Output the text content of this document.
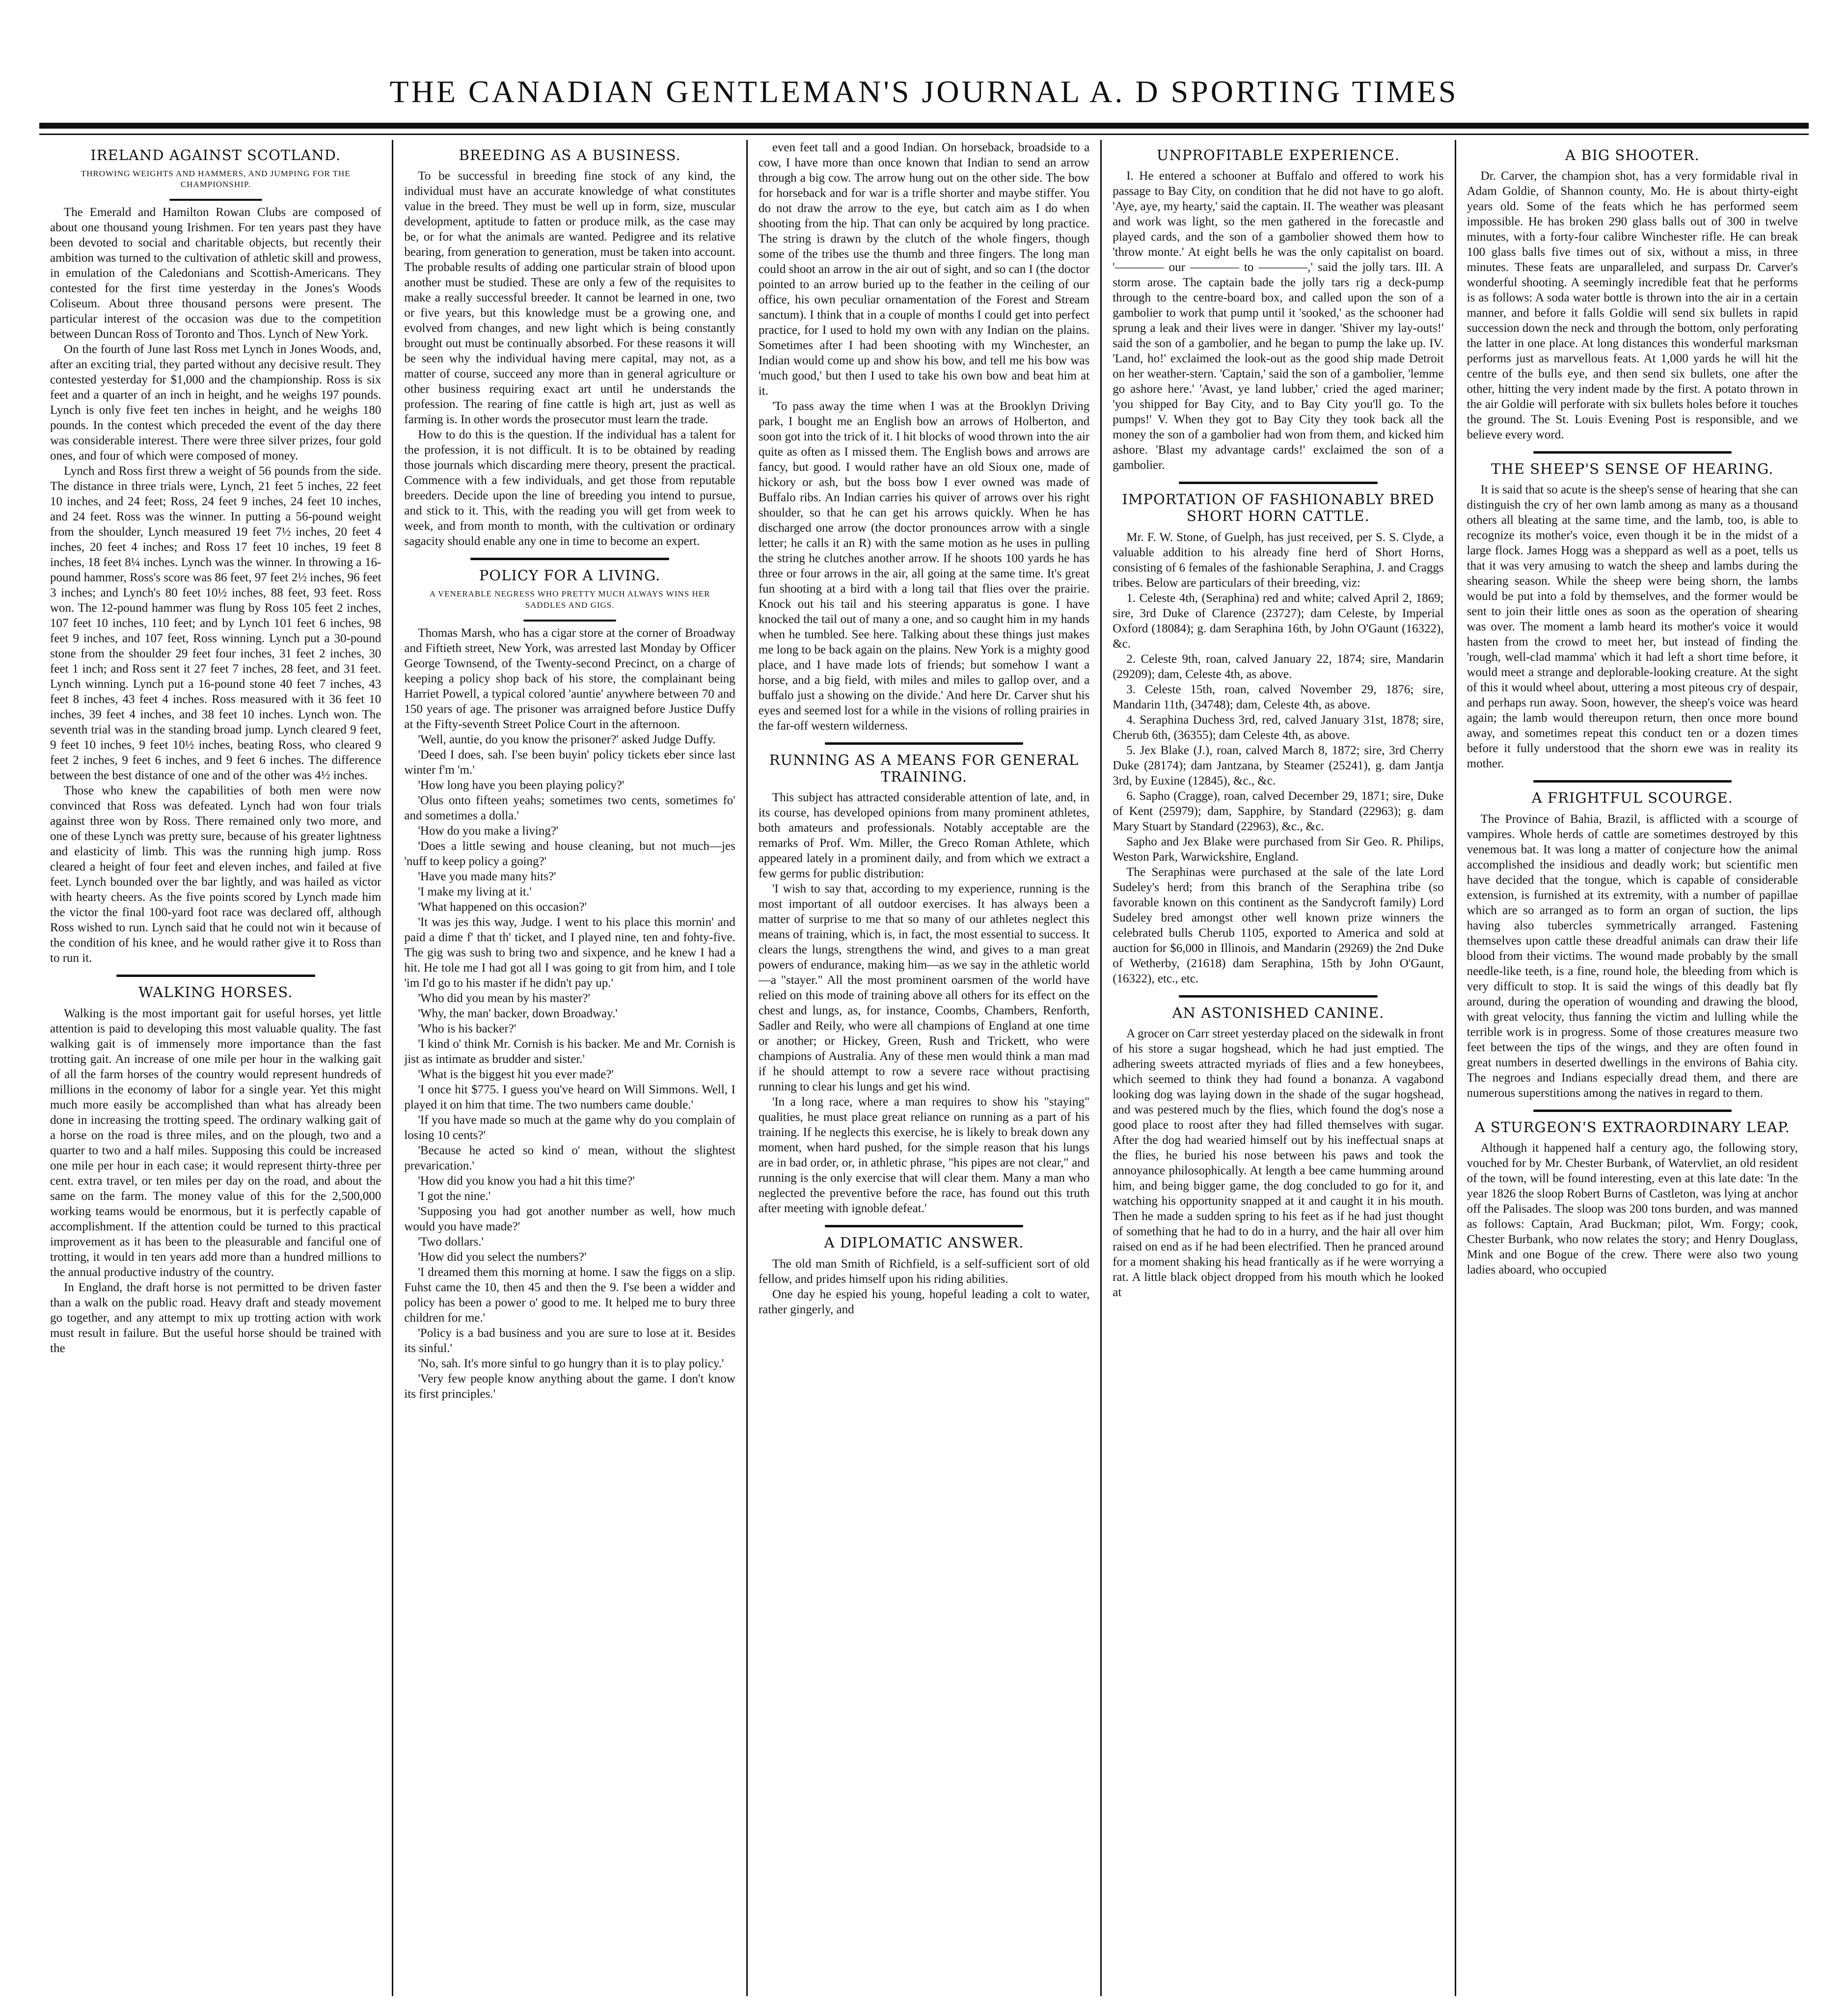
THE CANADIAN GENTLEMAN'S JOURNAL A. D SPORTING TIMES
IRELAND AGAINST SCOTLAND.
THROWING WEIGHTS AND HAMMERS, AND JUMPING FOR THE CHAMPIONSHIP.

The Emerald and Hamilton Rowan Clubs are composed of about one thousand young Irishmen. For ten years past they have been devoted to social and charitable objects, but recently their ambition was turned to the cultivation of athletic skill and prowess, in emulation of the Caledonians and Scottish-Americans. They contested for the first time yesterday in the Jones's Woods Coliseum. About three thousand persons were present. The particular interest of the occasion was due to the competition between Duncan Ross of Toronto and Thos. Lynch of New York.

On the fourth of June last Ross met Lynch in Jones Woods, and, after an exciting trial, they parted without any decisive result. They contested yesterday for $1,000 and the championship. Ross is six feet and a quarter of an inch in height, and he weighs 197 pounds. Lynch is only five feet ten inches in height, and he weighs 180 pounds. In the contest which preceded the event of the day there was considerable interest. There were three silver prizes, four gold ones, and four of which were composed of money.

Lynch and Ross first threw a weight of 56 pounds from the side. The distance in three trials were, Lynch, 21 feet 5 inches, 22 feet 10 inches, and 24 feet; Ross, 24 feet 9 inches, 24 feet 10 inches, and 24 feet. Ross was the winner. In putting a 56-pound weight from the shoulder, Lynch measured 19 feet 7½ inches, 20 feet 4 inches, 20 feet 4 inches; and Ross 17 feet 10 inches, 19 feet 8 inches, 18 feet 8¼ inches. Lynch was the winner. In throwing a 16-pound hammer, Ross's score was 86 feet, 97 feet 2½ inches, 96 feet 3 inches; and Lynch's 80 feet 10½ inches, 88 feet, 93 feet. Ross won. The 12-pound hammer was flung by Ross 105 feet 2 inches, 107 feet 10 inches, 110 feet; and by Lynch 101 feet 6 inches, 98 feet 9 inches, and 107 feet, Ross winning. Lynch put a 30-pound stone from the shoulder 29 feet four inches, 31 feet 2 inches, 30 feet 1 inch; and Ross sent it 27 feet 7 inches, 28 feet, and 31 feet. Lynch winning. Lynch put a 16-pound stone 40 feet 7 inches, 43 feet 8 inches, 43 feet 4 inches. Ross measured with it 36 feet 10 inches, 39 feet 4 inches, and 38 feet 10 inches. Lynch won. The seventh trial was in the standing broad jump. Lynch cleared 9 feet, 9 feet 10 inches, 9 feet 10½ inches, beating Ross, who cleared 9 feet 2 inches, 9 feet 6 inches, and 9 feet 6 inches. The difference between the best distance of one and of the other was 4½ inches.

Those who knew the capabilities of both men were now convinced that Ross was defeated. Lynch had won four trials against three won by Ross. There remained only two more, and one of these Lynch was pretty sure, because of his greater lightness and elasticity of limb. This was the running high jump. Ross cleared a height of four feet and eleven inches, and failed at five feet. Lynch bounded over the bar lightly, and was hailed as victor with hearty cheers. As the five points scored by Lynch made him the victor the final 100-yard foot race was declared off, although Ross wished to run. Lynch said that he could not win it because of the condition of his knee, and he would rather give it to Ross than to run it.

WALKING HORSES.

Walking is the most important gait for useful horses, yet little attention is paid to developing this most valuable quality. The fast walking gait is of immensely more importance than the fast trotting gait. An increase of one mile per hour in the walking gait of all the farm horses of the country would represent hundreds of millions in the economy of labor for a single year. Yet this might much more easily be accomplished than what has already been done in increasing the trotting speed. The ordinary walking gait of a horse on the road is three miles, and on the plough, two and a quarter to two and a half miles. Supposing this could be increased one mile per hour in each case; it would represent thirty-three per cent. extra travel, or ten miles per day on the road, and about the same on the farm. The money value of this for the 2,500,000 working teams would be enormous, but it is perfectly capable of accomplishment. If the attention could be turned to this practical improvement as it has been to the pleasurable and fanciful one of trotting, it would in ten years add more than a hundred millions to the annual productive industry of the country.

In England, the draft horse is not permitted to be driven faster than a walk on the public road. Heavy draft and steady movement go together, and any attempt to mix up trotting action with work must result in failure. But the useful horse should be trained with the

BREEDING AS A BUSINESS.

To be successful in breeding fine stock of any kind, the individual must have an accurate knowledge of what constitutes value in the breed. They must be well up in form, size, muscular development, aptitude to fatten or produce milk, as the case may be, or for what the animals are wanted. Pedigree and its relative bearing, from generation to generation, must be taken into account. The probable results of adding one particular strain of blood upon another must be studied. These are only a few of the requisites to make a really successful breeder. It cannot be learned in one, two or five years, but this knowledge must be a growing one, and evolved from changes, and new light which is being constantly brought out must be continually absorbed. For these reasons it will be seen why the individual having mere capital, may not, as a matter of course, succeed any more than in general agriculture or other business requiring exact art until he understands the profession. The rearing of fine cattle is high art, just as well as farming is. In other words the prosecutor must learn the trade.

How to do this is the question. If the individual has a talent for the profession, it is not difficult. It is to be obtained by reading those journals which discarding mere theory, present the practical. Commence with a few individuals, and get those from reputable breeders. Decide upon the line of breeding you intend to pursue, and stick to it. This, with the reading you will get from week to week, and from month to month, with the cultivation or ordinary sagacity should enable any one in time to become an expert.

POLICY FOR A LIVING.
A VENERABLE NEGRESS WHO PRETTY MUCH ALWAYS WINS HER SADDLES AND GIGS.

Thomas Marsh, who has a cigar store at the corner of Broadway and Fiftieth street, New York, was arrested last Monday by Officer George Townsend, of the Twenty-second Precinct, on a charge of keeping a policy shop back of his store, the complainant being Harriet Powell, a typical colored 'auntie' anywhere between 70 and 150 years of age. The prisoner was arraigned before Justice Duffy at the Fifty-seventh Street Police Court in the afternoon.

'Well, auntie, do you know the prisoner?' asked Judge Duffy.

'Deed I does, sah. I'se been buyin' policy tickets eber since last winter f'm 'm.'

'How long have you been playing policy?'

'Olus onto fifteen yeahs; sometimes two cents, sometimes fo' and sometimes a dolla.'

'How do you make a living?'

'Does a little sewing and house cleaning, but not much—jes 'nuff to keep policy a going?'

'Have you made many hits?'

'I make my living at it.'

'What happened on this occasion?'

'It was jes this way, Judge. I went to his place this mornin' and paid a dime f' that th' ticket, and I played nine, ten and fohty-five. The gig was sush to bring two and sixpence, and he knew I had a hit. He tole me I had got all I was going to git from him, and I tole 'im I'd go to his master if he didn't pay up.'

'Who did you mean by his master?'

'Why, the man' backer, down Broadway.'

'Who is his backer?'

'I kind o' think Mr. Cornish is his backer. Me and Mr. Cornish is jist as intimate as brudder and sister.'

'What is the biggest hit you ever made?'

'I once hit $775. I guess you've heard on Will Simmons. Well, I played it on him that time. The two numbers came double.'

'If you have made so much at the game why do you complain of losing 10 cents?'

'Because he acted so kind o' mean, without the slightest prevarication.'

'How did you know you had a hit this time?'

'I got the nine.'

'Supposing you had got another number as well, how much would you have made?'

'Two dollars.'

'How did you select the numbers?'

'I dreamed them this morning at home. I saw the figgs on a slip. Fuhst came the 10, then 45 and then the 9. I'se been a widder and policy has been a power o' good to me. It helped me to bury three children for me.'

'Policy is a bad business and you are sure to lose at it. Besides its sinful.'

'No, sah. It's more sinful to go hungry than it is to play policy.'

'Very few people know anything about the game. I don't know its first principles.'

even feet tall and a good Indian. On horseback, broadside to a cow, I have more than once known that Indian to send an arrow through a big cow. The arrow hung out on the other side. The bow for horseback and for war is a trifle shorter and maybe stiffer. You do not draw the arrow to the eye, but catch aim as I do when shooting from the hip. That can only be acquired by long practice. The string is drawn by the clutch of the whole fingers, though some of the tribes use the thumb and three fingers. The long man could shoot an arrow in the air out of sight, and so can I (the doctor pointed to an arrow buried up to the feather in the ceiling of our office, his own peculiar ornamentation of the Forest and Stream sanctum). I think that in a couple of months I could get into perfect practice, for I used to hold my own with any Indian on the plains. Sometimes after I had been shooting with my Winchester, an Indian would come up and show his bow, and tell me his bow was 'much good,' but then I used to take his own bow and beat him at it.

'To pass away the time when I was at the Brooklyn Driving park, I bought me an English bow an arrows of Holberton, and soon got into the trick of it. I hit blocks of wood thrown into the air quite as often as I missed them. The English bows and arrows are fancy, but good. I would rather have an old Sioux one, made of hickory or ash, but the boss bow I ever owned was made of Buffalo ribs. An Indian carries his quiver of arrows over his right shoulder, so that he can get his arrows quickly. When he has discharged one arrow (the doctor pronounces arrow with a single letter; he calls it an R) with the same motion as he uses in pulling the string he clutches another arrow. If he shoots 100 yards he has three or four arrows in the air, all going at the same time. It's great fun shooting at a bird with a long tail that flies over the prairie. Knock out his tail and his steering apparatus is gone. I have knocked the tail out of many a one, and so caught him in my hands when he tumbled. See here. Talking about these things just makes me long to be back again on the plains. New York is a mighty good place, and I have made lots of friends; but somehow I want a horse, and a big field, with miles and miles to gallop over, and a buffalo just a showing on the divide.' And here Dr. Carver shut his eyes and seemed lost for a while in the visions of rolling prairies in the far-off western wilderness.

RUNNING AS A MEANS FOR GENERAL TRAINING.

This subject has attracted considerable attention of late, and, in its course, has developed opinions from many prominent athletes, both amateurs and professionals. Notably acceptable are the remarks of Prof. Wm. Miller, the Greco Roman Athlete, which appeared lately in a prominent daily, and from which we extract a few germs for public distribution:

'I wish to say that, according to my experience, running is the most important of all outdoor exercises. It has always been a matter of surprise to me that so many of our athletes neglect this means of training, which is, in fact, the most essential to success. It clears the lungs, strengthens the wind, and gives to a man great powers of endurance, making him—as we say in the athletic world—a "stayer." All the most prominent oarsmen of the world have relied on this mode of training above all others for its effect on the chest and lungs, as, for instance, Coombs, Chambers, Renforth, Sadler and Reily, who were all champions of England at one time or another; or Hickey, Green, Rush and Trickett, who were champions of Australia. Any of these men would think a man mad if he should attempt to row a severe race without practising running to clear his lungs and get his wind.

'In a long race, where a man requires to show his "staying" qualities, he must place great reliance on running as a part of his training. If he neglects this exercise, he is likely to break down any moment, when hard pushed, for the simple reason that his lungs are in bad order, or, in athletic phrase, "his pipes are not clear," and running is the only exercise that will clear them. Many a man who neglected the preventive before the race, has found out this truth after meeting with ignoble defeat.'

A DIPLOMATIC ANSWER.

The old man Smith of Richfield, is a self-sufficient sort of old fellow, and prides himself upon his riding abilities.

One day he espied his young, hopeful leading a colt to water, rather gingerly, and

UNPROFITABLE EXPERIENCE.

I. He entered a schooner at Buffalo and offered to work his passage to Bay City, on condition that he did not have to go aloft. 'Aye, aye, my hearty,' said the captain. II. The weather was pleasant and work was light, so the men gathered in the forecastle and played cards, and the son of a gambolier showed them how to 'throw monte.' At eight bells he was the only capitalist on board. '———— our ———— to ————,' said the jolly tars. III. A storm arose. The captain bade the jolly tars rig a deck-pump through to the centre-board box, and called upon the son of a gambolier to work that pump until it 'sooked,' as the schooner had sprung a leak and their lives were in danger. 'Shiver my lay-outs!' said the son of a gambolier, and he began to pump the lake up. IV. 'Land, ho!' exclaimed the look-out as the good ship made Detroit on her weather-stern. 'Captain,' said the son of a gambolier, 'lemme go ashore here.' 'Avast, ye land lubber,' cried the aged mariner; 'you shipped for Bay City, and to Bay City you'll go. To the pumps!' V. When they got to Bay City they took back all the money the son of a gambolier had won from them, and kicked him ashore. 'Blast my advantage cards!' exclaimed the son of a gambolier.

IMPORTATION OF FASHIONABLY BRED SHORT HORN CATTLE.

Mr. F. W. Stone, of Guelph, has just received, per S. S. Clyde, a valuable addition to his already fine herd of Short Horns, consisting of 6 females of the fashionable Seraphina, J. and Craggs tribes. Below are particulars of their breeding, viz:

1. Celeste 4th, (Seraphina) red and white; calved April 2, 1869; sire, 3rd Duke of Clarence (23727); dam Celeste, by Imperial Oxford (18084); g. dam Seraphina 16th, by John O'Gaunt (16322), &c.

2. Celeste 9th, roan, calved January 22, 1874; sire, Mandarin (29209); dam, Celeste 4th, as above.

3. Celeste 15th, roan, calved November 29, 1876; sire, Mandarin 11th, (34748); dam, Celeste 4th, as above.

4. Seraphina Duchess 3rd, red, calved January 31st, 1878; sire, Cherub 6th, (36355); dam Celeste 4th, as above.

5. Jex Blake (J.), roan, calved March 8, 1872; sire, 3rd Cherry Duke (28174); dam Jantzana, by Steamer (25241), g. dam Jantja 3rd, by Euxine (12845), &c., &c.

6. Sapho (Cragge), roan, calved December 29, 1871; sire, Duke of Kent (25979); dam, Sapphire, by Standard (22963); g. dam Mary Stuart by Standard (22963), &c., &c.

Sapho and Jex Blake were purchased from Sir Geo. R. Philips, Weston Park, Warwickshire, England.

The Seraphinas were purchased at the sale of the late Lord Sudeley's herd; from this branch of the Seraphina tribe (so favorable known on this continent as the Sandycroft family) Lord Sudeley bred amongst other well known prize winners the celebrated bulls Cherub 1105, exported to America and sold at auction for $6,000 in Illinois, and Mandarin (29269) the 2nd Duke of Wetherby, (21618) dam Seraphina, 15th by John O'Gaunt, (16322), etc., etc.

AN ASTONISHED CANINE.

A grocer on Carr street yesterday placed on the sidewalk in front of his store a sugar hogshead, which he had just emptied. The adhering sweets attracted myriads of flies and a few honeybees, which seemed to think they had found a bonanza. A vagabond looking dog was laying down in the shade of the sugar hogshead, and was pestered much by the flies, which found the dog's nose a good place to roost after they had filled themselves with sugar. After the dog had wearied himself out by his ineffectual snaps at the flies, he buried his nose between his paws and took the annoyance philosophically. At length a bee came humming around him, and being bigger game, the dog concluded to go for it, and watching his opportunity snapped at it and caught it in his mouth. Then he made a sudden spring to his feet as if he had just thought of something that he had to do in a hurry, and the hair all over him raised on end as if he had been electrified. Then he pranced around for a moment shaking his head frantically as if he were worrying a rat. A little black object dropped from his mouth which he looked at

A BIG SHOOTER.

Dr. Carver, the champion shot, has a very formidable rival in Adam Goldie, of Shannon county, Mo. He is about thirty-eight years old. Some of the feats which he has performed seem impossible. He has broken 290 glass balls out of 300 in twelve minutes, with a forty-four calibre Winchester rifle. He can break 100 glass balls five times out of six, without a miss, in three minutes. These feats are unparalleled, and surpass Dr. Carver's wonderful shooting. A seemingly incredible feat that he performs is as follows: A soda water bottle is thrown into the air in a certain manner, and before it falls Goldie will send six bullets in rapid succession down the neck and through the bottom, only perforating the latter in one place. At long distances this wonderful marksman performs just as marvellous feats. At 1,000 yards he will hit the centre of the bulls eye, and then send six bullets, one after the other, hitting the very indent made by the first. A potato thrown in the air Goldie will perforate with six bullets holes before it touches the ground. The St. Louis Evening Post is responsible, and we believe every word.

THE SHEEP'S SENSE OF HEARING.

It is said that so acute is the sheep's sense of hearing that she can distinguish the cry of her own lamb among as many as a thousand others all bleating at the same time, and the lamb, too, is able to recognize its mother's voice, even though it be in the midst of a large flock. James Hogg was a sheppard as well as a poet, tells us that it was very amusing to watch the sheep and lambs during the shearing season. While the sheep were being shorn, the lambs would be put into a fold by themselves, and the former would be sent to join their little ones as soon as the operation of shearing was over. The moment a lamb heard its mother's voice it would hasten from the crowd to meet her, but instead of finding the 'rough, well-clad mamma' which it had left a short time before, it would meet a strange and deplorable-looking creature. At the sight of this it would wheel about, uttering a most piteous cry of despair, and perhaps run away. Soon, however, the sheep's voice was heard again; the lamb would thereupon return, then once more bound away, and sometimes repeat this conduct ten or a dozen times before it fully understood that the shorn ewe was in reality its mother.

A FRIGHTFUL SCOURGE.

The Province of Bahia, Brazil, is afflicted with a scourge of vampires. Whole herds of cattle are sometimes destroyed by this venemous bat. It was long a matter of conjecture how the animal accomplished the insidious and deadly work; but scientific men have decided that the tongue, which is capable of considerable extension, is furnished at its extremity, with a number of papillae which are so arranged as to form an organ of suction, the lips having also tubercles symmetrically arranged. Fastening themselves upon cattle these dreadful animals can draw their life blood from their victims. The wound made probably by the small needle-like teeth, is a fine, round hole, the bleeding from which is very difficult to stop. It is said the wings of this deadly bat fly around, during the operation of wounding and drawing the blood, with great velocity, thus fanning the victim and lulling while the terrible work is in progress. Some of those creatures measure two feet between the tips of the wings, and they are often found in great numbers in deserted dwellings in the environs of Bahia city. The negroes and Indians especially dread them, and there are numerous superstitions among the natives in regard to them.

A STURGEON'S EXTRAORDINARY LEAP.

Although it happened half a century ago, the following story, vouched for by Mr. Chester Burbank, of Watervliet, an old resident of the town, will be found interesting, even at this late date: 'In the year 1826 the sloop Robert Burns of Castleton, was lying at anchor off the Palisades. The sloop was 200 tons burden, and was manned as follows: Captain, Arad Buckman; pilot, Wm. Forgy; cook, Chester Burbank, who now relates the story; and Henry Douglass, Mink and one Bogue of the crew. There were also two young ladies aboard, who occupied
